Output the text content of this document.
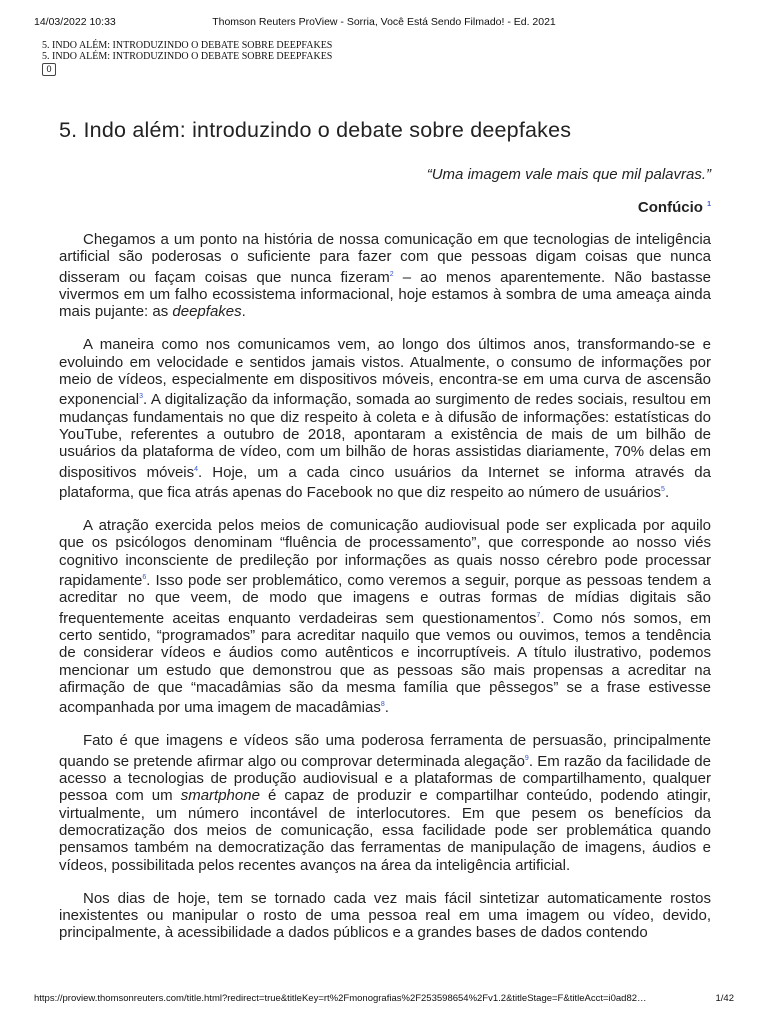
14/03/2022 10:33	Thomson Reuters ProView - Sorria, Você Está Sendo Filmado! - Ed. 2021
5. INDO ALÉM: INTRODUZINDO O DEBATE SOBRE DEEPFAKES
5. INDO ALÉM: INTRODUZINDO O DEBATE SOBRE DEEPFAKES
0
5. Indo além: introduzindo o debate sobre deepfakes
“Uma imagem vale mais que mil palavras.”
Confúcio $^1$

Chegamos a um ponto na história de nossa comunicação em que tecnologias de inteligência artificial são poderosas o suficiente para fazer com que pessoas digam coisas que nunca disseram ou façam coisas que nunca fizeram$^2$ – ao menos aparentemente. Não bastasse vivermos em um falho ecossistema informacional, hoje estamos à sombra de uma ameaça ainda mais pujante: as deepfakes.

A maneira como nos comunicamos vem, ao longo dos últimos anos, transformando-se e evoluindo em velocidade e sentidos jamais vistos. Atualmente, o consumo de informações por meio de vídeos, especialmente em dispositivos móveis, encontra-se em uma curva de ascensão exponencial$^3$. A digitalização da informação, somada ao surgimento de redes sociais, resultou em mudanças fundamentais no que diz respeito à coleta e à difusão de informações: estatísticas do YouTube, referentes a outubro de 2018, apontaram a existência de mais de um bilhão de usuários da plataforma de vídeo, com um bilhão de horas assistidas diariamente, 70% delas em dispositivos móveis$^4$. Hoje, um a cada cinco usuários da Internet se informa através da plataforma, que fica atrás apenas do Facebook no que diz respeito ao número de usuários$^5$.

A atração exercida pelos meios de comunicação audiovisual pode ser explicada por aquilo que os psicólogos denominam “fluência de processamento”, que corresponde ao nosso viés cognitivo inconsciente de predileção por informações as quais nosso cérebro pode processar rapidamente$^6$. Isso pode ser problemático, como veremos a seguir, porque as pessoas tendem a acreditar no que veem, de modo que imagens e outras formas de mídias digitais são frequentemente aceitas enquanto verdadeiras sem questionamentos$^7$. Como nós somos, em certo sentido, “programados” para acreditar naquilo que vemos ou ouvimos, temos a tendência de considerar vídeos e áudios como autênticos e incorruptíveis. A título ilustrativo, podemos mencionar um estudo que demonstrou que as pessoas são mais propensas a acreditar na afirmação de que “macadâmias são da mesma família que pêssegos” se a frase estivesse acompanhada por uma imagem de macadâmias$^8$.

Fato é que imagens e vídeos são uma poderosa ferramenta de persuasão, principalmente quando se pretende afirmar algo ou comprovar determinada alegação$^9$. Em razão da facilidade de acesso a tecnologias de produção audiovisual e a plataformas de compartilhamento, qualquer pessoa com um smartphone é capaz de produzir e compartilhar conteúdo, podendo atingir, virtualmente, um número incontável de interlocutores. Em que pesem os benefícios da democratização dos meios de comunicação, essa facilidade pode ser problemática quando pensamos também na democratização das ferramentas de manipulação de imagens, áudios e vídeos, possibilitada pelos recentes avanços na área da inteligência artificial.

Nos dias de hoje, tem se tornado cada vez mais fácil sintetizar automaticamente rostos inexistentes ou manipular o rosto de uma pessoa real em uma imagem ou vídeo, devido, principalmente, à acessibilidade a dados públicos e a grandes bases de dados contendo

https://proview.thomsonreuters.com/title.html?redirect=true&titleKey=rt%2Fmonografias%2F253598654%2Fv1.2&titleStage=F&titleAcct=i0ad82…	1/42
